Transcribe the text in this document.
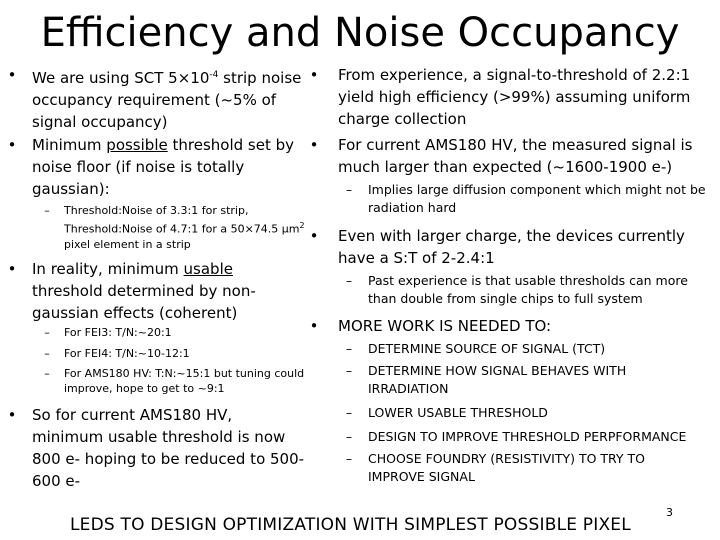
Efficiency and Noise Occupancy
• We are using SCT $5\times 10^{-4}$ strip noise occupancy requirement (~5% of signal occupancy)
• Minimum possible threshold set by noise floor (if noise is totally gaussian):
–	Threshold:Noise of 3.3:1 for strip,
Threshold:Noise of 4.7:1 for a 50×74.5 µm$^2$
pixel element in a strip
• In reality, minimum usable threshold determined by non-gaussian effects (coherent)
–	For FEI3: T/N:~20:1
–	For FEI4: T/N:~10-12:1
–	For AMS180 HV: T:N:~15:1 but tuning could improve, hope to get to ~9:1
• So for current AMS180 HV, minimum usable threshold is now 800 e- hoping to be reduced to 500-600 e-
• From experience, a signal-to-threshold of 2.2:1 yield high efficiency (>99%) assuming uniform charge collection
• For current AMS180 HV, the measured signal is much larger than expected (~1600-1900 e-)
–	Implies large diffusion component which might not be radiation hard
• Even with larger charge, the devices currently have a S:T of 2-2.4:1
–	Past experience is that usable thresholds can more than double from single chips to full system
• MORE WORK IS NEEDED TO:
–	DETERMINE SOURCE OF SIGNAL (TCT)
–	DETERMINE HOW SIGNAL BEHAVES WITH IRRADIATION
–	LOWER USABLE THRESHOLD
–	DESIGN TO IMPROVE THRESHOLD PERPFORMANCE
–	CHOOSE FOUNDRY (RESISTIVITY) TO TRY TO IMPROVE SIGNAL
LEDS TO DESIGN OPTIMIZATION WITH SIMPLEST POSSIBLE PIXEL
3
